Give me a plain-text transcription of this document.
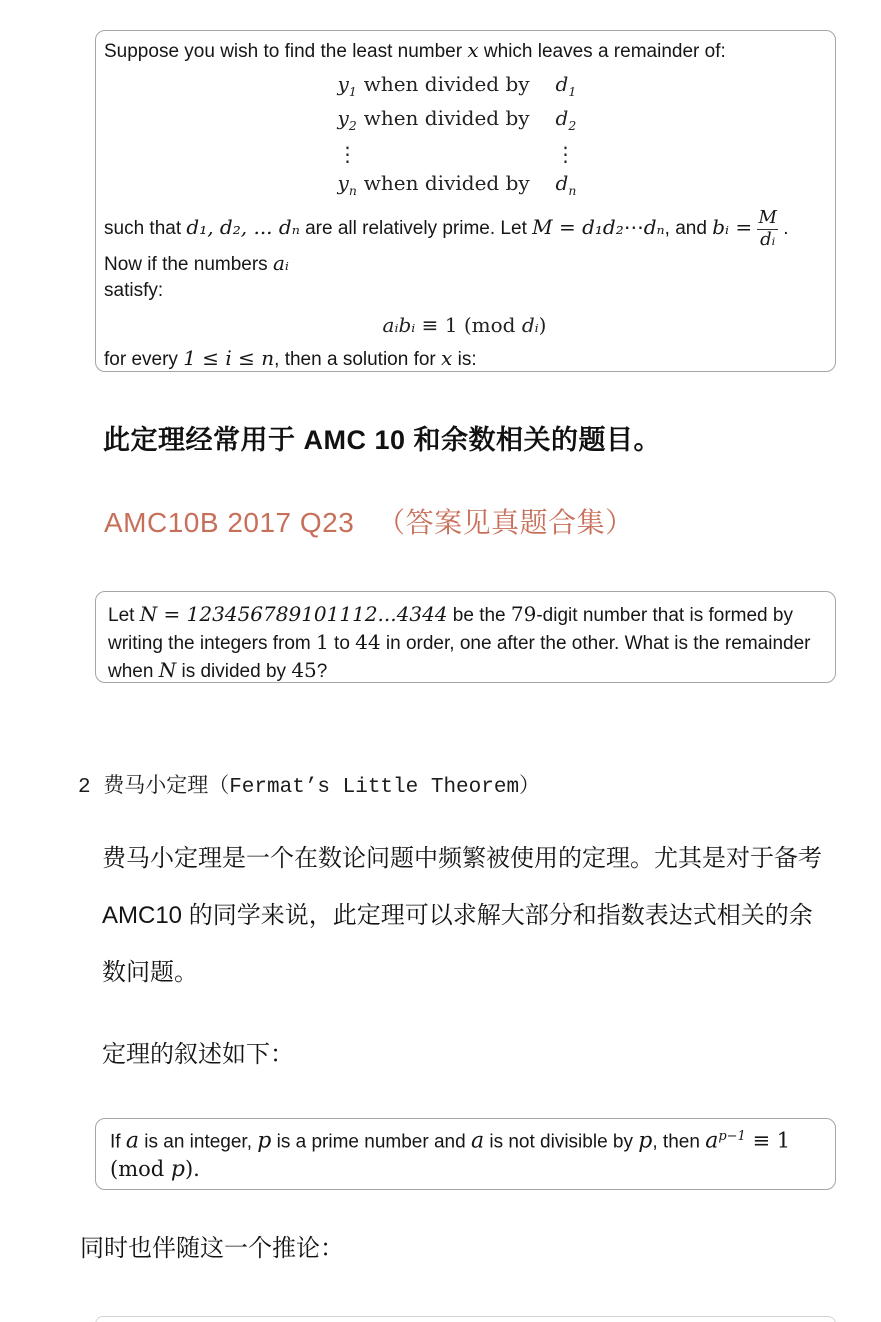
Suppose you wish to find the least number x which leaves a remainder of:
$y_1$ when divided by	$d_1$
$y_2$ when divided by	$d_2$
⋮	⋮
$y_n$ when divided by	$d_n$
such that d₁, d₂, ... dₙ are all relatively prime. Let M = d₁d₂⋯dₙ, and bᵢ = $\frac{M}{\text{dᵢ}}$ . Now if the numbers aᵢ
satisfy:
aᵢbᵢ ≡ 1 (mod dᵢ)
for every 1 ≤ i ≤ n, then a solution for x is:
此定理经常用于 AMC 10 和余数相关的题目。
AMC10B 2017 Q23 　（答案见真题合集）
Let N = 123456789101112...4344 be the 79-digit number that is formed by writing the integers from 1 to 44 in order, one after the other. What is the remainder when N is divided by 45?
2 费马小定理（Fermat’s Little Theorem）
费马小定理是一个在数论问题中频繁被使用的定理。尤其是对于备考
AMC10 的同学来说，此定理可以求解大部分和指数表达式相关的余
数问题。
定理的叙述如下：
If a is an integer, p is a prime number and a is not divisible by p, then $a^{p-1} \equiv 1$ (mod p).
同时也伴随这一个推论：
